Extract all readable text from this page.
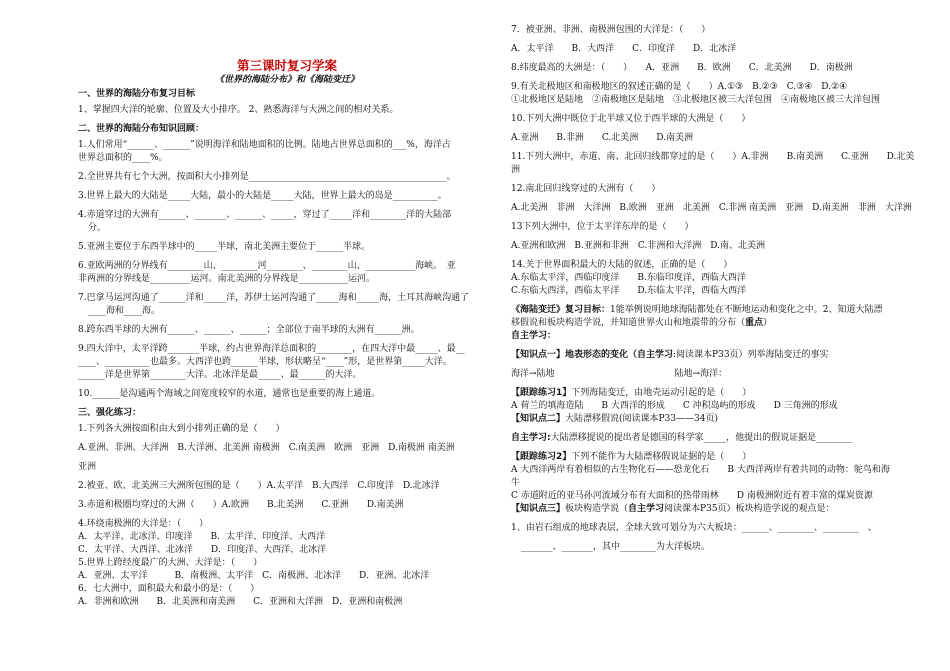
第三课时复习学案
《世界的海陆分布》和《海陆变迁》

一、世界的海陆分布复习目标

1、掌握四大洋的轮廓、位置及大小排序。 2、熟悉海洋与大洲之间的相对关系。

二、世界的海陆分布知识回顾：

1.人们常用“______、______”说明海洋和陆地面积的比例。陆地占世界总面积的___%，海洋占

世界总面积的____%。

2.全世界共有七个大洲，按面积大小排列是____________________________________________。

3.世界上最大的大陆是_____大陆，最小的大陆是_____大陆，世界上最大的岛是__________。

4.赤道穿过的大洲有______、_______、______、_____，穿过了_____洋和________洋的大陆部

分。

5.亚洲主要位于东西半球中的_____半球，南北美洲主要位于______半球。

6.亚欧两洲的分界线有________山、________河________、________山、___________海峡。　亚

非两洲的分界线是_________运河。南北美洲的分界线是___________运河。

7.巴拿马运河沟通了______洋和_____洋，苏伊士运河沟通了_____海和_____海，土耳其海峡沟通了

____海和____海。

8.跨东西半球的大洲有______、______、______；全部位于南半球的大洲有______洲。

9.四大洋中，太平洋跨_______半球，约占世界海洋总面积的________，在四大洋中最_____、最__

____、__________也最多。大西洋也跨______半球，形状略呈“____”形，是世界第_____大洋。

______洋是世界第________大洋。北冰洋是最_____、最______的大洋。

10.______是沟通两个海域之间宽度较窄的水道，通常也是重要的海上通道。

三、强化练习：

1.下列各大洲按面积由大到小排列正确的是（　　）

A.亚洲、非洲、大洋洲　B.大洋洲、北美洲 南极洲　C.南美洲　欧洲　亚洲　D.南极洲 南美洲

亚洲

2.被亚、欧、北美洲三大洲所包围的是（　　）A.太平洋　B.大西洋　C.印度洋　D.北冰洋

3.赤道和极圈均穿过的大洲（　　）A.欧洲　　B.北美洲　　C.亚洲　　D.南美洲

4.环绕南极洲的大洋是：（　　）

A．太平洋、北冰洋、印度洋　　B．太平洋、印度洋、大西洋

C．太平洋、大西洋、北冰洋　　D．印度洋、大西洋、北冰洋

5.世界上跨经度最广的大洲、大洋是：（　　）

A．亚洲、太平洋　　　B．南极洲、太平洋　C．南极洲、北冰洋　　D．亚洲、北冰洋

6．七大洲中，面积最大和最小的是：（　　）

A．非洲和欧洲　　B．北美洲和南美洲　　C．亚洲和大洋洲　D．亚洲和南极洲

7．被亚洲、非洲、南极洲包围的大洋是：（　　）

A．太平洋　　B．大西洋　　C．印度洋　　D．北冰洋

8.纬度最高的大洲是：（　　）　　A．亚洲　　B．欧洲　　C．北美洲　　D．南极洲

9.有关北极地区和南极地区的叙述正确的是（　　）A.①③　B.②③　C.③④　D.②④

①北极地区是陆地　②南极地区是陆地　③北极地区被三大洋包围　④南极地区被三大洋包围

10.下列大洲中既位于北半球又位于西半球的大洲是（　　）

A.亚洲　　B.非洲　　C.北美洲　　D.南美洲

11.下列大洲中，赤道、南、北回归线都穿过的是（　　）A.非洲　　B.南美洲　　C.亚洲　　D.北美

洲

12.南北回归线穿过的大洲有（　　）

A.北美洲　非洲　大洋洲　B.欧洲　亚洲　北美洲　C.非洲 南美洲　亚洲　D.南美洲　非洲　大洋洲

13下列大洲中，位于太平洋东岸的是（　　）

A.亚洲和欧洲　B.亚洲和非洲　C.非洲和大洋洲　D.南、北美洲

14.关于世界面积最大的大陆的叙述，正确的是（　　）

A.东临太平洋，西临印度洋　　B.东临印度洋，西临大西洋

C.东临大西洋，西临太平洋　　D.东临太平洋，西临大西洋

《海陆变迁》复习目标：1能举例说明地球海陆都处在不断地运动和变化之中。2、知道大陆漂

移假说和板块构造学说，并知道世界火山和地震带的分布（重点）

自主学习：

【知识点一】地表形态的变化（自主学习:阅读课本P33页）列举海陆变迁的事实

海洋→陆地	陆地→海洋：

【跟踪练习1】下列海陆变迁，由地壳运动引起的是（　　）

A 荷兰的填海造陆　　B 大西洋的形成　　C 冲积岛屿的形成　　D 三角洲的形成

【知识点二】大陆漂移假说(阅读课本P33——34页)

自主学习:大陆漂移提说的提出者是德国的科学家_____，他提出的假说证据是________

【跟踪练习2】下列不能作为大陆漂移假说证据的是（　　）

A 大西洋两岸有着相似的古生物化石——恐龙化石　　B 大西洋两岸有着共同的动物：鸵鸟和海

牛

C 赤道附近的亚马孙河流域分布有大面积的热带雨林　　D 南极洲附近有着丰富的煤炭资源

【知识点三】板块构造学说（自主学习阅读课本P35页）板块构造学说的观点是：

1、由岩石组成的地球表层，全球大致可划分为六大板块：______、________、________　、

_______、_______，其中________为大洋板块。
